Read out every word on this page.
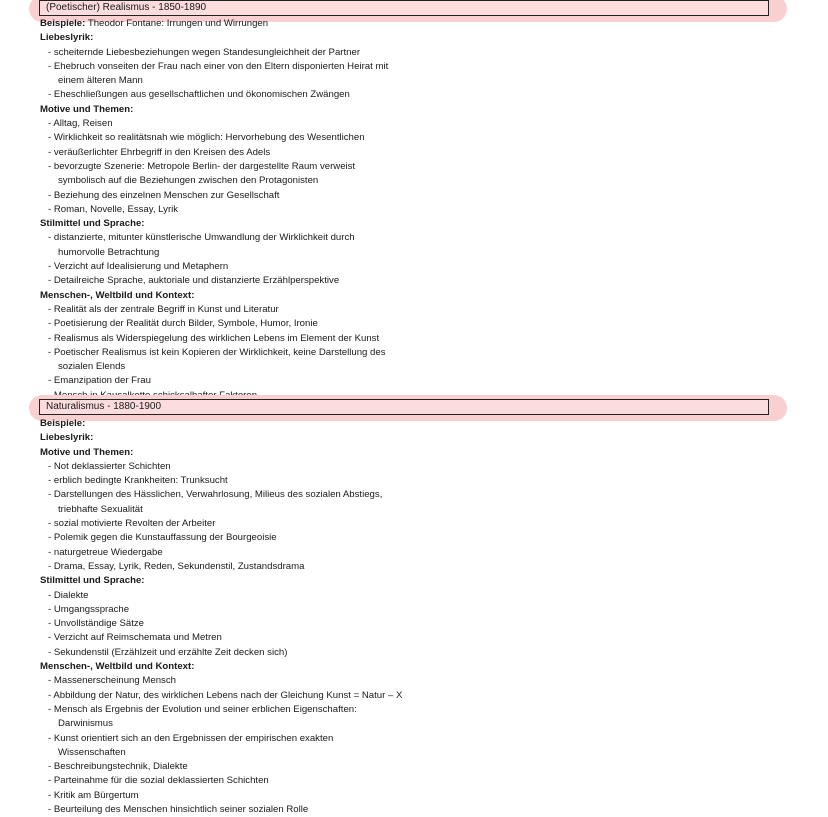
(Poetischer) Realismus - 1850-1890
Beispiele: Theodor Fontane: Irrungen und Wirrungen
Liebeslyrik:
- scheiternde Liebesbeziehungen wegen Standesungleichheit der Partner
- Ehebruch vonseiten der Frau nach einer von den Eltern disponierten Heirat mit
einem älteren Mann
- Eheschließungen aus gesellschaftlichen und ökonomischen Zwängen
Motive und Themen:
- Alltag, Reisen
- Wirklichkeit so realitätsnah wie möglich: Hervorhebung des Wesentlichen
- veräußerlichter Ehrbegriff in den Kreisen des Adels
- bevorzugte Szenerie: Metropole Berlin- der dargestellte Raum verweist
symbolisch auf die Beziehungen zwischen den Protagonisten
- Beziehung des einzelnen Menschen zur Gesellschaft
- Roman, Novelle, Essay, Lyrik
Stilmittel und Sprache:
- distanzierte, mitunter künstlerische Umwandlung der Wirklichkeit durch
humorvolle Betrachtung
- Verzicht auf Idealisierung und Metaphern
- Detailreiche Sprache, auktoriale und distanzierte Erzählperspektive
Menschen-, Weltbild und Kontext:
- Realität als der zentrale Begriff in Kunst und Literatur
- Poetisierung der Realität durch Bilder, Symbole, Humor, Ironie
- Realismus als Widerspiegelung des wirklichen Lebens im Element der Kunst
- Poetischer Realismus ist kein Kopieren der Wirklichkeit, keine Darstellung des
sozialen Elends
- Emanzipation der Frau
Naturalismus - 1880-1900
Beispiele:
Liebeslyrik:
Motive und Themen:
- Not deklassierter Schichten
- erblich bedingte Krankheiten: Trunksucht
- Darstellungen des Hässlichen, Verwahrlosung, Milieus des sozialen Abstiegs,
triebhafte Sexualität
- sozial motivierte Revolten der Arbeiter
- Polemik gegen die Kunstauffassung der Bourgeoisie
- naturgetreue Wiedergabe
- Drama, Essay, Lyrik, Reden, Sekundenstil, Zustandsdrama
Stilmittel und Sprache:
- Dialekte
- Umgangssprache
- Unvollständige Sätze
- Verzicht auf Reimschemata und Metren
- Sekundenstil (Erzählzeit und erzählte Zeit decken sich)
Menschen-, Weltbild und Kontext:
- Massenerscheinung Mensch
- Abbildung der Natur, des wirklichen Lebens nach der Gleichung Kunst = Natur – X
- Mensch als Ergebnis der Evolution und seiner erblichen Eigenschaften:
Darwinismus
- Kunst orientiert sich an den Ergebnissen der empirischen exakten
Wissenschaften
- Beschreibungstechnik, Dialekte
- Parteinahme für die sozial deklassierten Schichten
- Kritik am Bürgertum
- Beurteilung des Menschen hinsichtlich seiner sozialen Rolle
